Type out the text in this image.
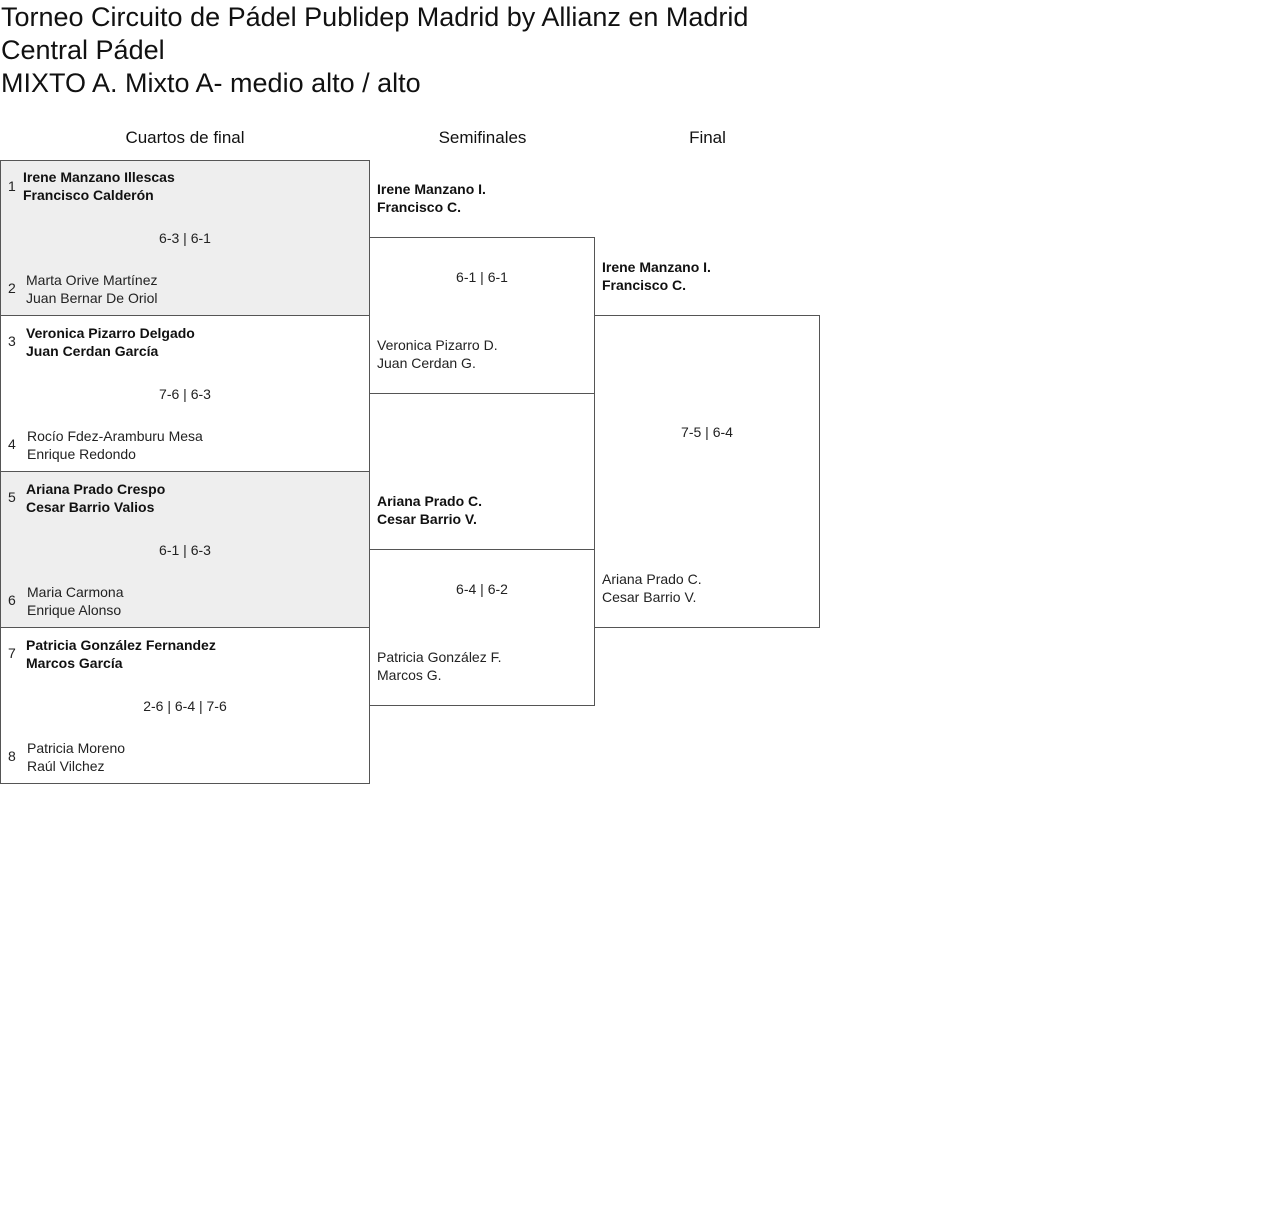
Torneo Circuito de Pádel Publidep Madrid by Allianz en Madrid
Central Pádel
MIXTO A. Mixto A- medio alto / alto
Cuartos de final	Semifinales	Final
1
Irene Manzano Illescas
Francisco Calderón
6-3 | 6-1
2 Marta Orive Martínez
Juan Bernar De Oriol
3 Veronica Pizarro Delgado
Juan Cerdan García
7-6 | 6-3
4 Rocío Fdez-Aramburu Mesa
Enrique Redondo
5 Ariana Prado Crespo
Cesar Barrio Valios
6-1 | 6-3
6 Maria Carmona
Enrique Alonso
7 Patricia González Fernandez
Marcos García
2-6 | 6-4 | 7-6
8 Patricia Moreno
Raúl Vilchez
Irene Manzano I.
Francisco C.
6-1 | 6-1
Veronica Pizarro D.
Juan Cerdan G.
Ariana Prado C.
Cesar Barrio V.
6-4 | 6-2
Patricia González F.
Marcos G.
Irene Manzano I.
Francisco C.
7-5 | 6-4
Ariana Prado C.
Cesar Barrio V.
